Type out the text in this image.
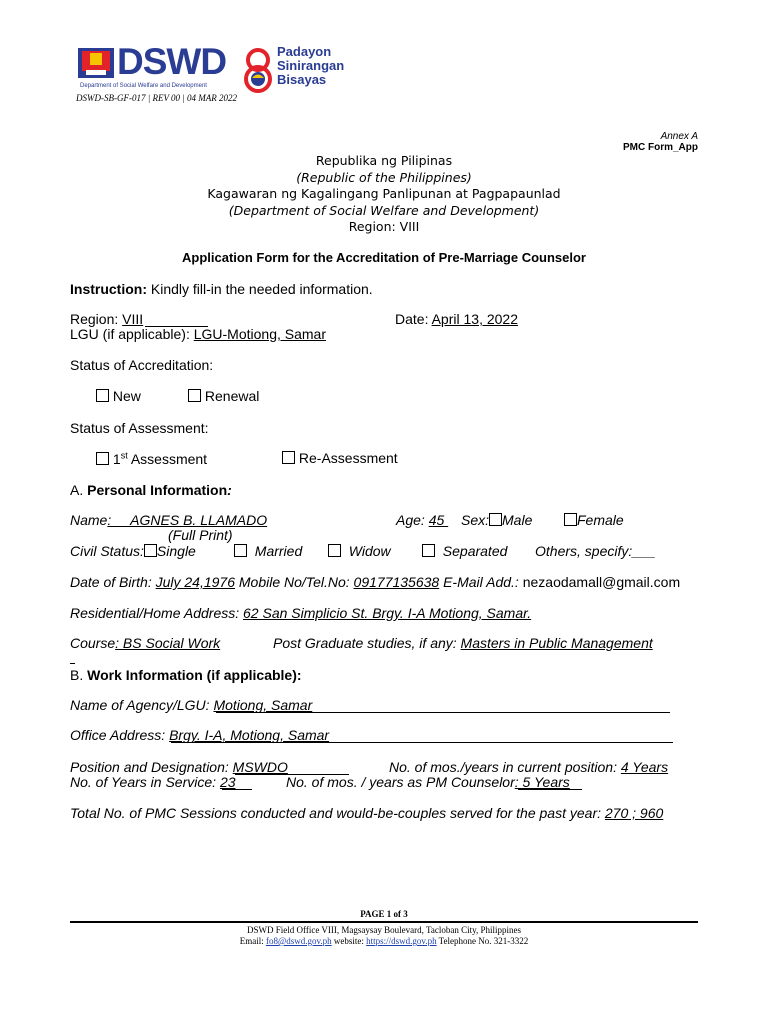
DSWD
Department of Social Welfare and Development
Padayon
Sinirangan
Bisayas
DSWD-SB-GF-017 | REV 00 | 04 MAR 2022
Annex A
PMC Form_App
Republika ng Pilipinas
(Republic of the Philippines)
Kagawaran ng Kagalingang Panlipunan at Pagpapaunlad
(Department of Social Welfare and Development)
Region: VIII
Application Form for the Accreditation of Pre-Marriage Counselor
Instruction: Kindly fill-in the needed information.
Region: VIII	Date: April 13, 2022
LGU (if applicable): LGU-Motiong, Samar
Status of Accreditation:
New	Renewal
Status of Assessment:
1st Assessment	Re-Assessment
A. Personal Information:
Name:     AGNES B. LLAMADO
(Full Print)
Age: 45 Sex: Male	Female
Civil Status: Single	Married	Widow	Separated Others, specify:___
Date of Birth: July 24,1976 Mobile No/Tel.No: 09177135638 E-Mail Add.: nezaodamall@gmail.com
Residential/Home Address: 62 San Simplicio St. Brgy. I-A Motiong, Samar.
Course: BS Social Work	Post Graduate studies, if any: Masters in Public Management
B. Work Information (if applicable):
Name of Agency/LGU: Motiong, Samar
Office Address: Brgy. I-A, Motiong, Samar
Position and Designation: MSWDO	No. of mos./years in current position: 4 Years
No. of Years in Service: 23	No. of mos. / years as PM Counselor: 5 Years
Total No. of PMC Sessions conducted and would-be-couples served for the past year: 270 ; 960
PAGE 1 of 3
DSWD Field Office VIII, Magsaysay Boulevard, Tacloban City, Philippines
Email: fo8@dswd.gov.ph website: https://dswd.gov.ph Telephone No. 321-3322
